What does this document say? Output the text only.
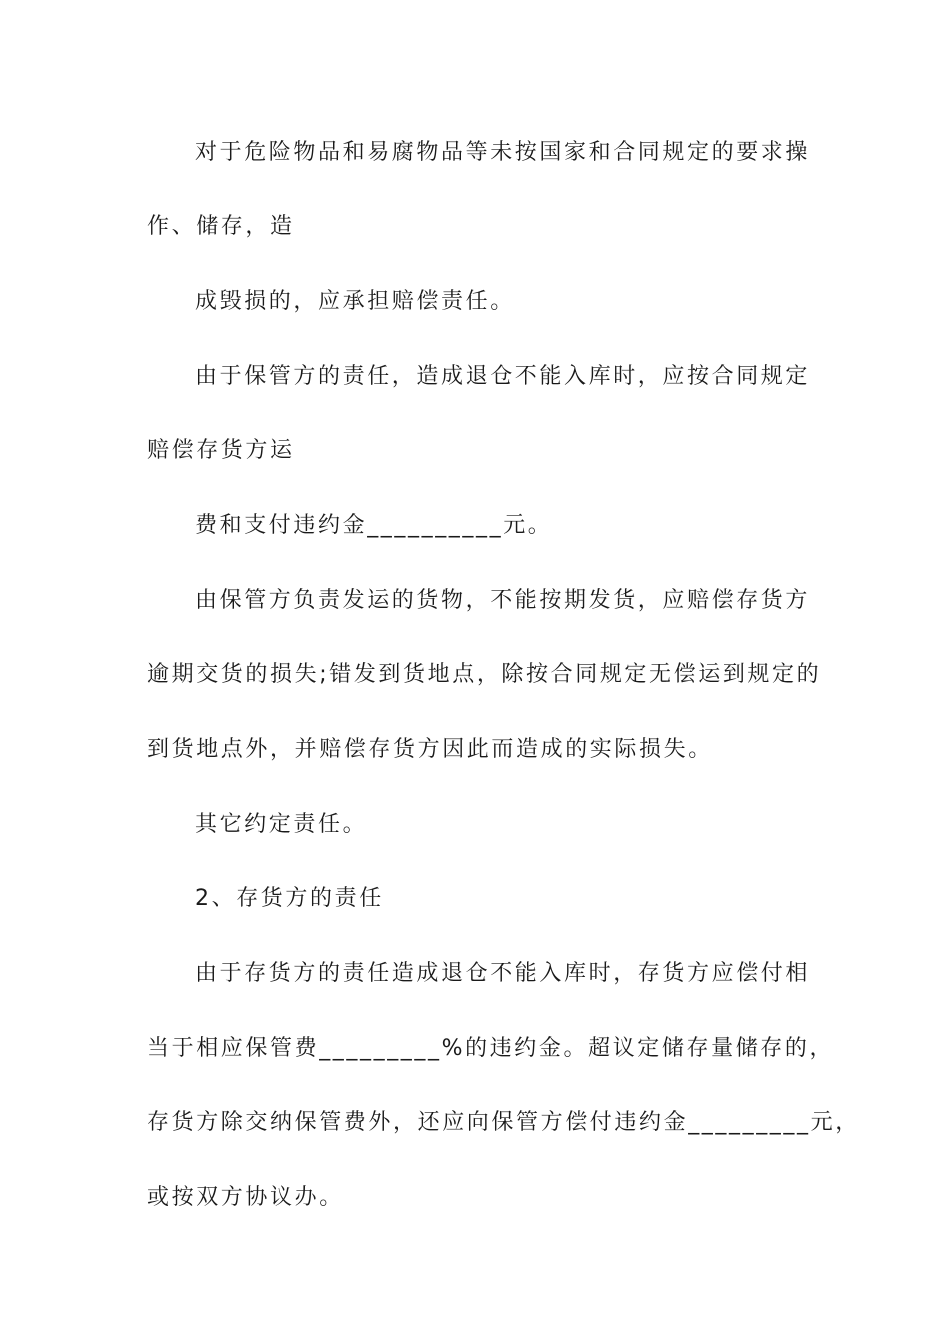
对于危险物品和易腐物品等未按国家和合同规定的要求操
作、储存，造
成毁损的，应承担赔偿责任。
由于保管方的责任，造成退仓不能入库时，应按合同规定
赔偿存货方运
费和支付违约金__________元。
由保管方负责发运的货物，不能按期发货，应赔偿存货方
逾期交货的损失;错发到货地点，除按合同规定无偿运到规定的
到货地点外，并赔偿存货方因此而造成的实际损失。
其它约定责任。
2、存货方的责任
由于存货方的责任造成退仓不能入库时，存货方应偿付相
当于相应保管费_________%的违约金。超议定储存量储存的，
存货方除交纳保管费外，还应向保管方偿付违约金_________元，
或按双方协议办。
